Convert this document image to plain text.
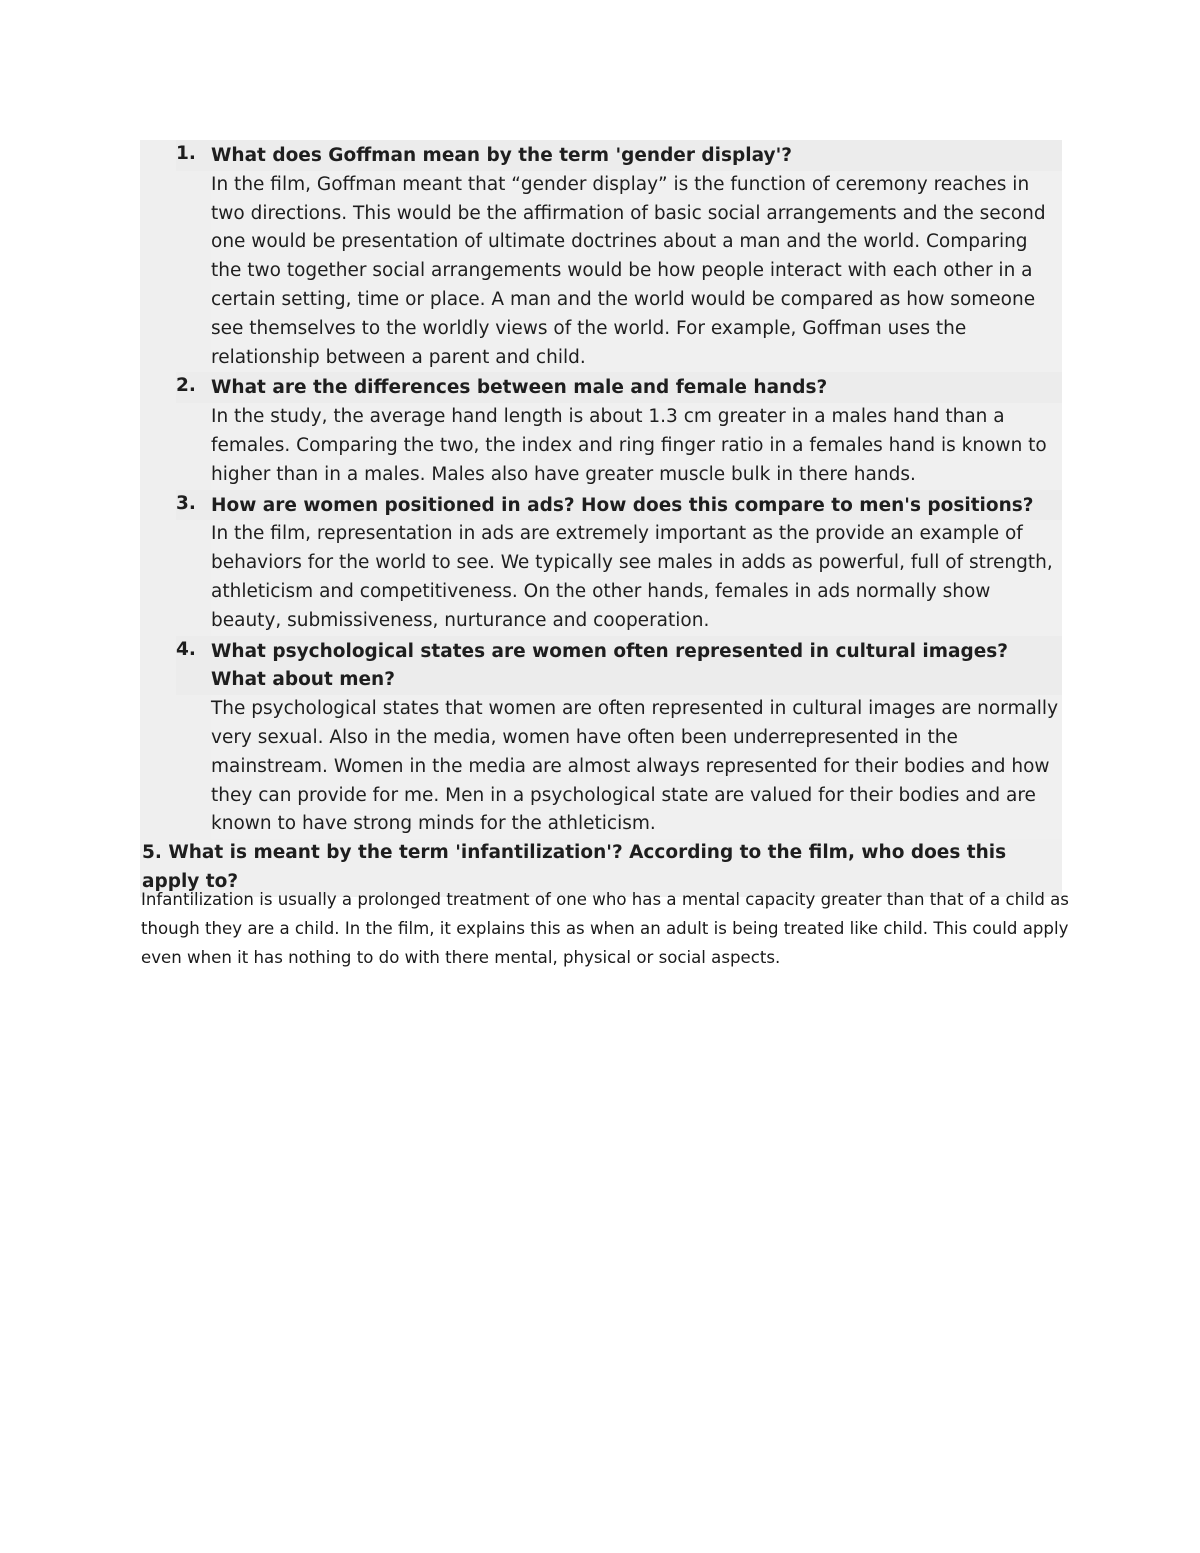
1. What does Goffman mean by the term 'gender display'?

In the film, Goffman meant that “gender display” is the function of ceremony reaches in two directions. This would be the affirmation of basic social arrangements and the second one would be presentation of ultimate doctrines about a man and the world. Comparing the two together social arrangements would be how people interact with each other in a certain setting, time or place. A man and the world would be compared as how someone see themselves to the worldly views of the world. For example, Goffman uses the relationship between a parent and child.

2. What are the differences between male and female hands?

In the study, the average hand length is about 1.3 cm greater in a males hand than a females. Comparing the two, the index and ring finger ratio in a females hand is known to higher than in a males. Males also have greater muscle bulk in there hands.

3. How are women positioned in ads? How does this compare to men's positions?

In the film, representation in ads are extremely important as the provide an example of behaviors for the world to see. We typically see males in adds as powerful, full of strength, athleticism and competitiveness. On the other hands, females in ads normally show beauty, submissiveness, nurturance and cooperation.

4. What psychological states are women often represented in cultural images? What about men?

The psychological states that women are often represented in cultural images are normally very sexual. Also in the media, women have often been underrepresented in the mainstream. Women in the media are almost always represented for their bodies and how they can provide for me. Men in a psychological state are valued for their bodies and are known to have strong minds for the athleticism.

5. What is meant by the term 'infantilization'? According to the film, who does this apply to?

Infantilization is usually a prolonged treatment of one who has a mental capacity greater than that of a child as though they are a child. In the film, it explains this as when an adult is being treated like child. This could apply even when it has nothing to do with there mental, physical or social aspects.
